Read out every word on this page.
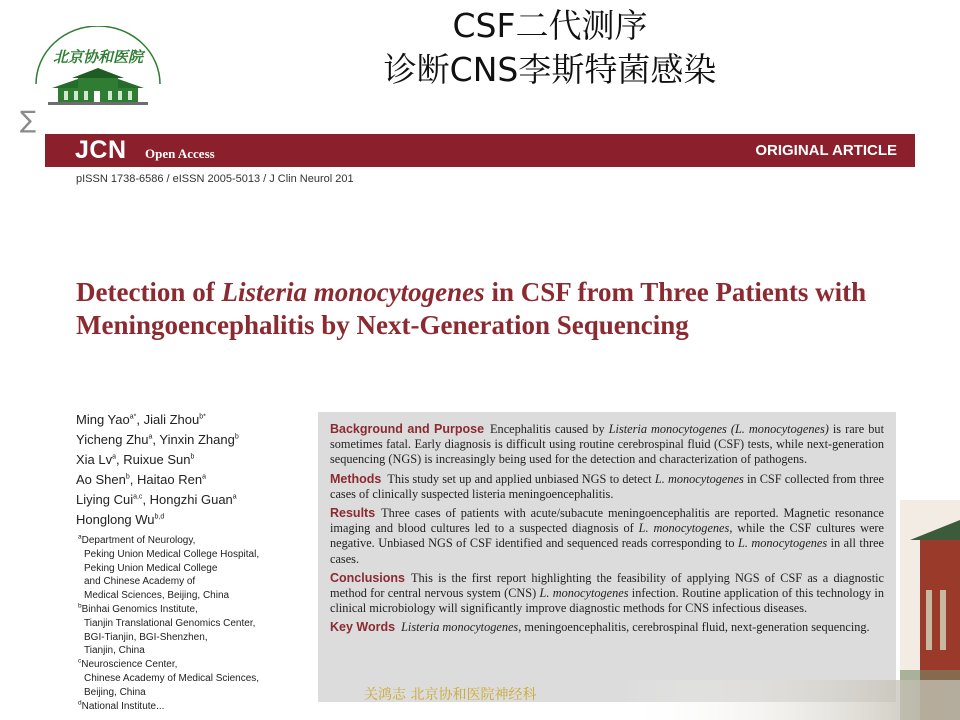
CSF二代测序
诊断CNS李斯特菌感染
北京协和医院
∑
JCN Open Access	ORIGINAL ARTICLE
pISSN 1738-6586 / eISSN 2005-5013 / J Clin Neurol 201
Detection of Listeria monocytogenes in CSF from Three Patients with Meningoencephalitis by Next-Generation Sequencing
Ming Yao$^{a*}$, Jiali Zhou$^{b*}$
Yicheng Zhu$^a$, Yinxin Zhang$^b$
Xia Lv$^a$, Ruixue Sun$^b$
Ao Shen$^b$, Haitao Ren$^a$
Liying Cui$^{a,c}$, Hongzhi Guan$^a$
Honglong Wu$^{b,d}$
$^a$Department of Neurology,
Peking Union Medical College Hospital,
Peking Union Medical College
and Chinese Academy of
Medical Sciences, Beijing, China
$^b$Binhai Genomics Institute,
Tianjin Translational Genomics Center,
BGI-Tianjin, BGI-Shenzhen,
Tianjin, China
$^c$Neuroscience Center,
Chinese Academy of Medical Sciences,
Beijing, China
$^d$National Institute...

Background and Purpose Encephalitis caused by Listeria monocytogenes (L. monocytogenes) is rare but sometimes fatal. Early diagnosis is difficult using routine cerebrospinal fluid (CSF) tests, while next-generation sequencing (NGS) is increasingly being used for the detection and characterization of pathogens.

Methods This study set up and applied unbiased NGS to detect L. monocytogenes in CSF collected from three cases of clinically suspected listeria meningoencephalitis.

Results Three cases of patients with acute/subacute meningoencephalitis are reported. Magnetic resonance imaging and blood cultures led to a suspected diagnosis of L. monocytogenes, while the CSF cultures were negative. Unbiased NGS of CSF identified and sequenced reads corresponding to L. monocytogenes in all three cases.

Conclusions This is the first report highlighting the feasibility of applying NGS of CSF as a diagnostic method for central nervous system (CNS) L. monocytogenes infection. Routine application of this technology in clinical microbiology will significantly improve diagnostic methods for CNS infectious diseases.

Key Words Listeria monocytogenes, meningoencephalitis, cerebrospinal fluid, next-generation sequencing.

关鸿志 北京协和医院神经科
